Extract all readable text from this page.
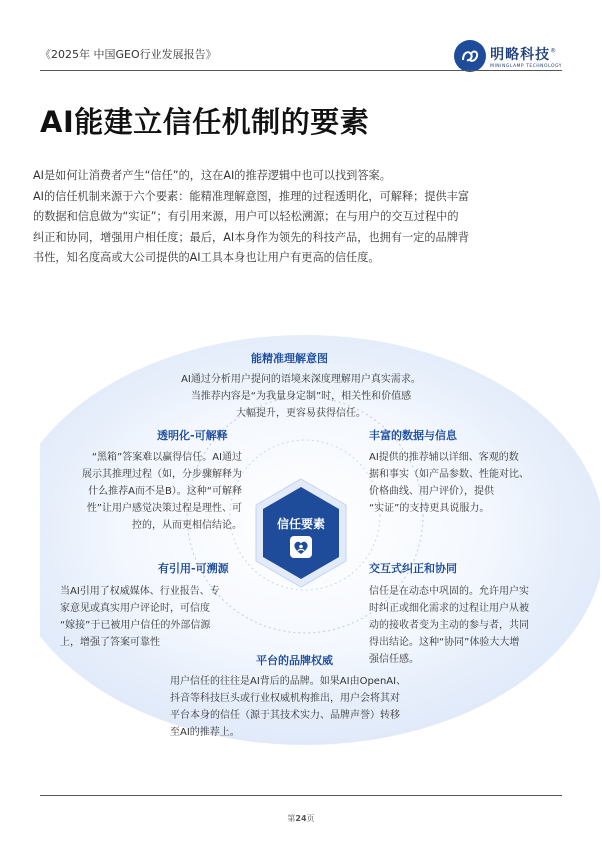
《2025年 中国GEO行业发展报告》	明略科技®
MININGLAMP TECHNOLOGY
AI能建立信任机制的要素

AI是如何让消费者产生“信任”的，这在AI的推荐逻辑中也可以找到答案。

AI的信任机制来源于六个要素：能精准理解意图，推理的过程透明化，可解释；提供丰富

的数据和信息做为“实证”；有引用来源，用户可以轻松溯源；在与用户的交互过程中的

纠正和协同，增强用户相任度；最后，AI本身作为领先的科技产品，也拥有一定的品牌背

书性，知名度高或大公司提供的AI工具本身也让用户有更高的信任度。

能精准理解意图
AI通过分析用户提问的语境来深度理解用户真实需求。
当推荐内容是“为我量身定制”时，相关性和价值感
大幅提升，更容易获得信任。
透明化-可解释
“黑箱”答案难以赢得信任。AI通过
展示其推理过程（如，分步骤解释为
什么推荐A而不是B）。这种“可解释
性”让用户感觉决策过程是理性、可
控的，从而更相信结论。
丰富的数据与信息
AI提供的推荐辅以详细、客观的数
据和事实（如产品参数、性能对比、
价格曲线、用户评价），提供
“实证”的支持更具说服力。
信任要素
有引用-可溯源
当AI引用了权威媒体、行业报告、专
家意见或真实用户评论时，可信度
“嫁接”于已被用户信任的外部信源
上，增强了答案可靠性
交互式纠正和协同
信任是在动态中巩固的。允许用户实
时纠正或细化需求的过程让用户从被
动的接收者变为主动的参与者，共同
得出结论。这种“协同”体验大大增
强信任感。
平台的品牌权威
用户信任的往往是AI背后的品牌。如果AI由OpenAI、
抖音等科技巨头或行业权威机构推出，用户会将其对
平台本身的信任（源于其技术实力、品牌声誉）转移
至AI的推荐上。
第24页
